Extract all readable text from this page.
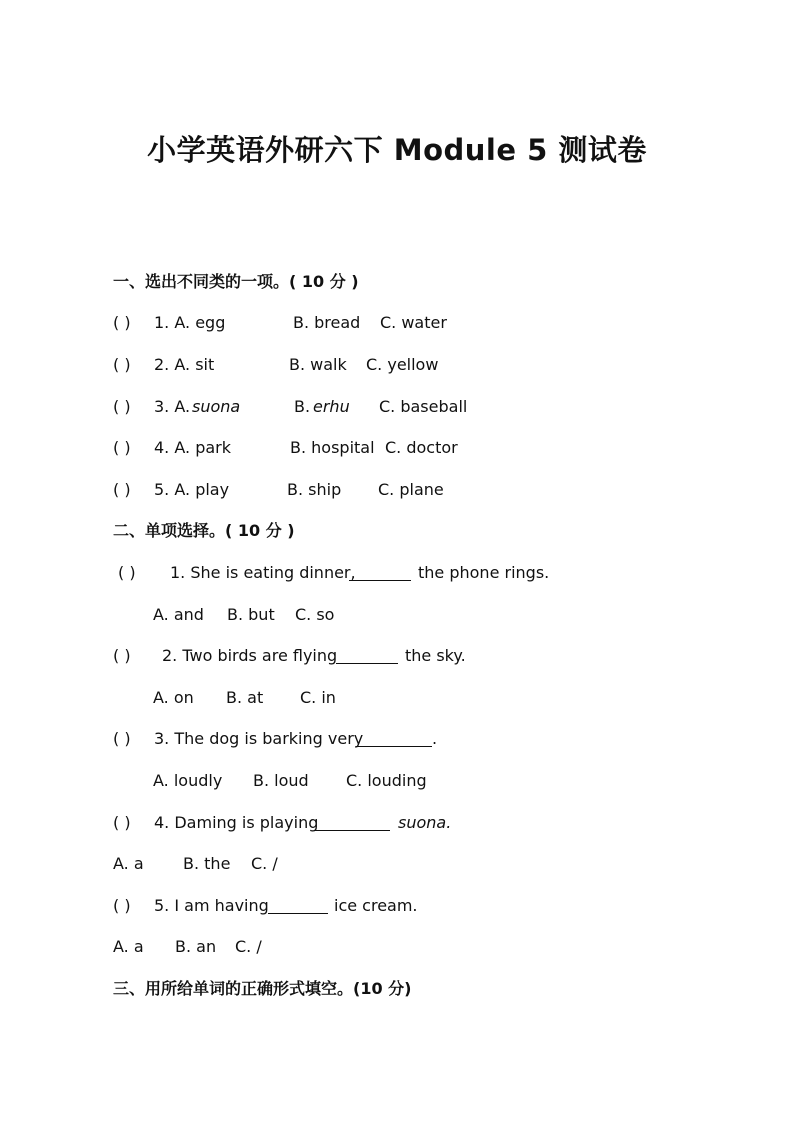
小学英语外研六下 Module 5 测试卷
一、选出不同类的一项。( 10 分 )
( ) 1. A. egg	B. bread C. water
( ) 2. A. sit	B. walk C. yellow
( ) 3. A. suona	B. erhu C. baseball
( ) 4. A. park	B. hospital C. doctor
( ) 5. A. play	B. ship C. plane
二、单项选择。( 10 分 )
( ) 1. She is eating dinner,	the phone rings.
A. and B. but C. so
( ) 2. Two birds are flying	the sky.
A. on B. at C. in
( ) 3. The dog is barking very	.
A. loudly B. loud C. louding
( ) 4. Daming is playing	suona.
A. a B. the C. /
( ) 5. I am having	ice cream.
A. a B. an C. /
三、用所给单词的正确形式填空。(10 分)
